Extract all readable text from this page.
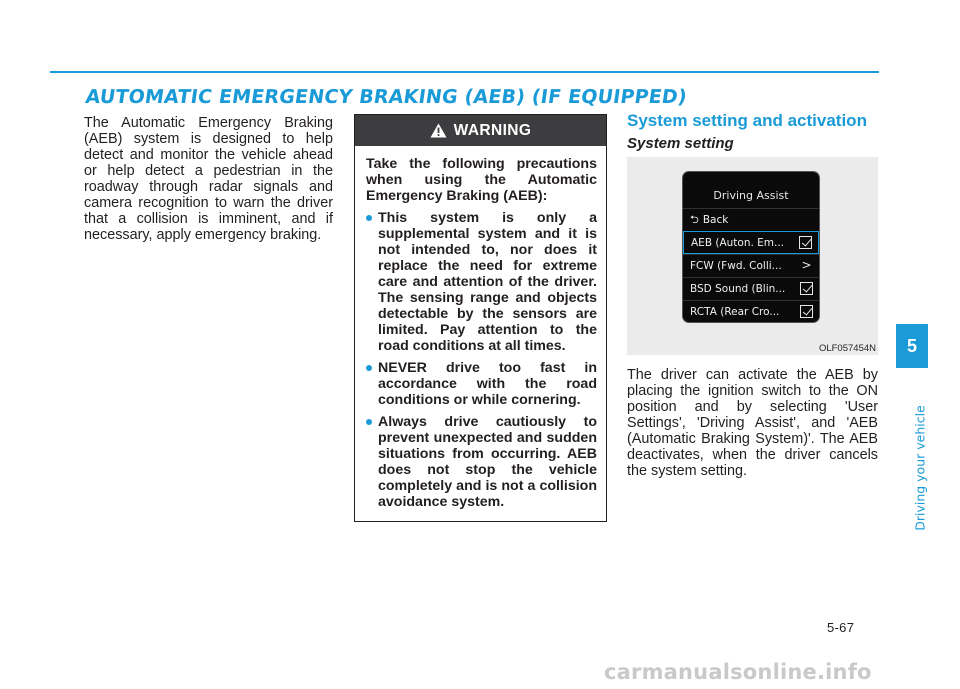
AUTOMATIC EMERGENCY BRAKING (AEB) (IF EQUIPPED)
The Automatic Emergency Braking (AEB) system is designed to help detect and monitor the vehicle ahead or help detect a pedestrian in the roadway through radar signals and camera recognition to warn the driver that a collision is imminent, and if necessary, apply emergency braking.
WARNING
Take the following precautions when using the Automatic Emergency Braking (AEB):
This system is only a supplemental system and it is not intended to, nor does it replace the need for extreme care and attention of the driver. The sensing range and objects detectable by the sensors are limited. Pay attention to the road conditions at all times.
NEVER drive too fast in accordance with the road conditions or while cornering.
Always drive cautiously to prevent unexpected and sudden situations from occurring. AEB does not stop the vehicle completely and is not a collision avoidance system.
System setting and activation
System setting
Driving Assist
⮌ Back
AEB (Auton. Em...
FCW (Fwd. Colli... >
BSD Sound (Blin...
RCTA (Rear Cro...
OLF057454N
The driver can activate the AEB by placing the ignition switch to the ON position and by selecting 'User Settings', 'Driving Assist', and 'AEB (Automatic Braking System)'. The AEB deactivates, when the driver cancels the system setting.
5
Driving your vehicle
5-67
carmanualsonline.info
